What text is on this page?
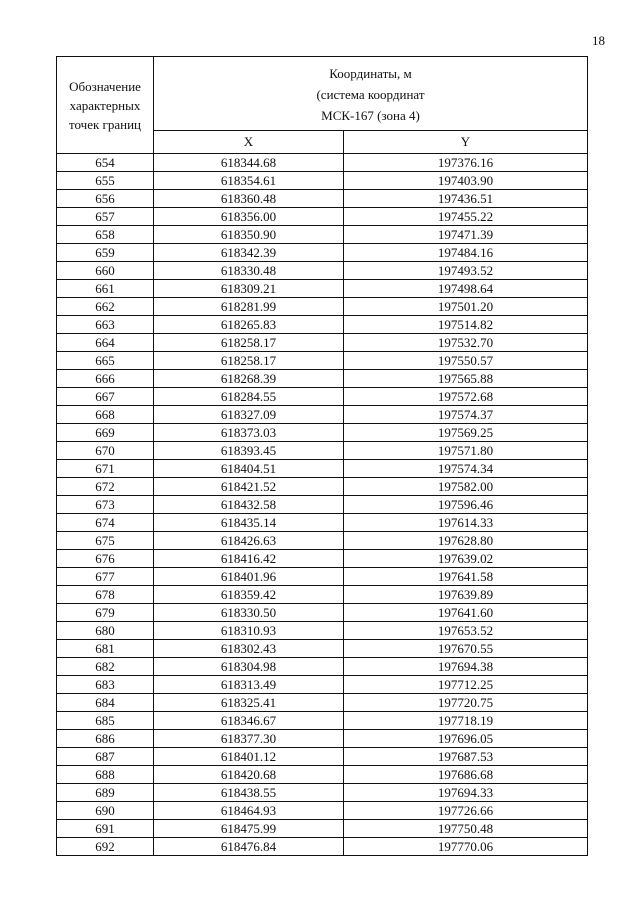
18
Обозначение
характерных
точек границ	Координаты, м
(система координат
МСК-167 (зона 4)	

	X	Y
654	618344.68	197376.16
655	618354.61	197403.90
656	618360.48	197436.51
657	618356.00	197455.22
658	618350.90	197471.39
659	618342.39	197484.16
660	618330.48	197493.52
661	618309.21	197498.64
662	618281.99	197501.20
663	618265.83	197514.82
664	618258.17	197532.70
665	618258.17	197550.57
666	618268.39	197565.88
667	618284.55	197572.68
668	618327.09	197574.37
669	618373.03	197569.25
670	618393.45	197571.80
671	618404.51	197574.34
672	618421.52	197582.00
673	618432.58	197596.46
674	618435.14	197614.33
675	618426.63	197628.80
676	618416.42	197639.02
677	618401.96	197641.58
678	618359.42	197639.89
679	618330.50	197641.60
680	618310.93	197653.52
681	618302.43	197670.55
682	618304.98	197694.38
683	618313.49	197712.25
684	618325.41	197720.75
685	618346.67	197718.19
686	618377.30	197696.05
687	618401.12	197687.53
688	618420.68	197686.68
689	618438.55	197694.33
690	618464.93	197726.66
691	618475.99	197750.48
692	618476.84	197770.06
